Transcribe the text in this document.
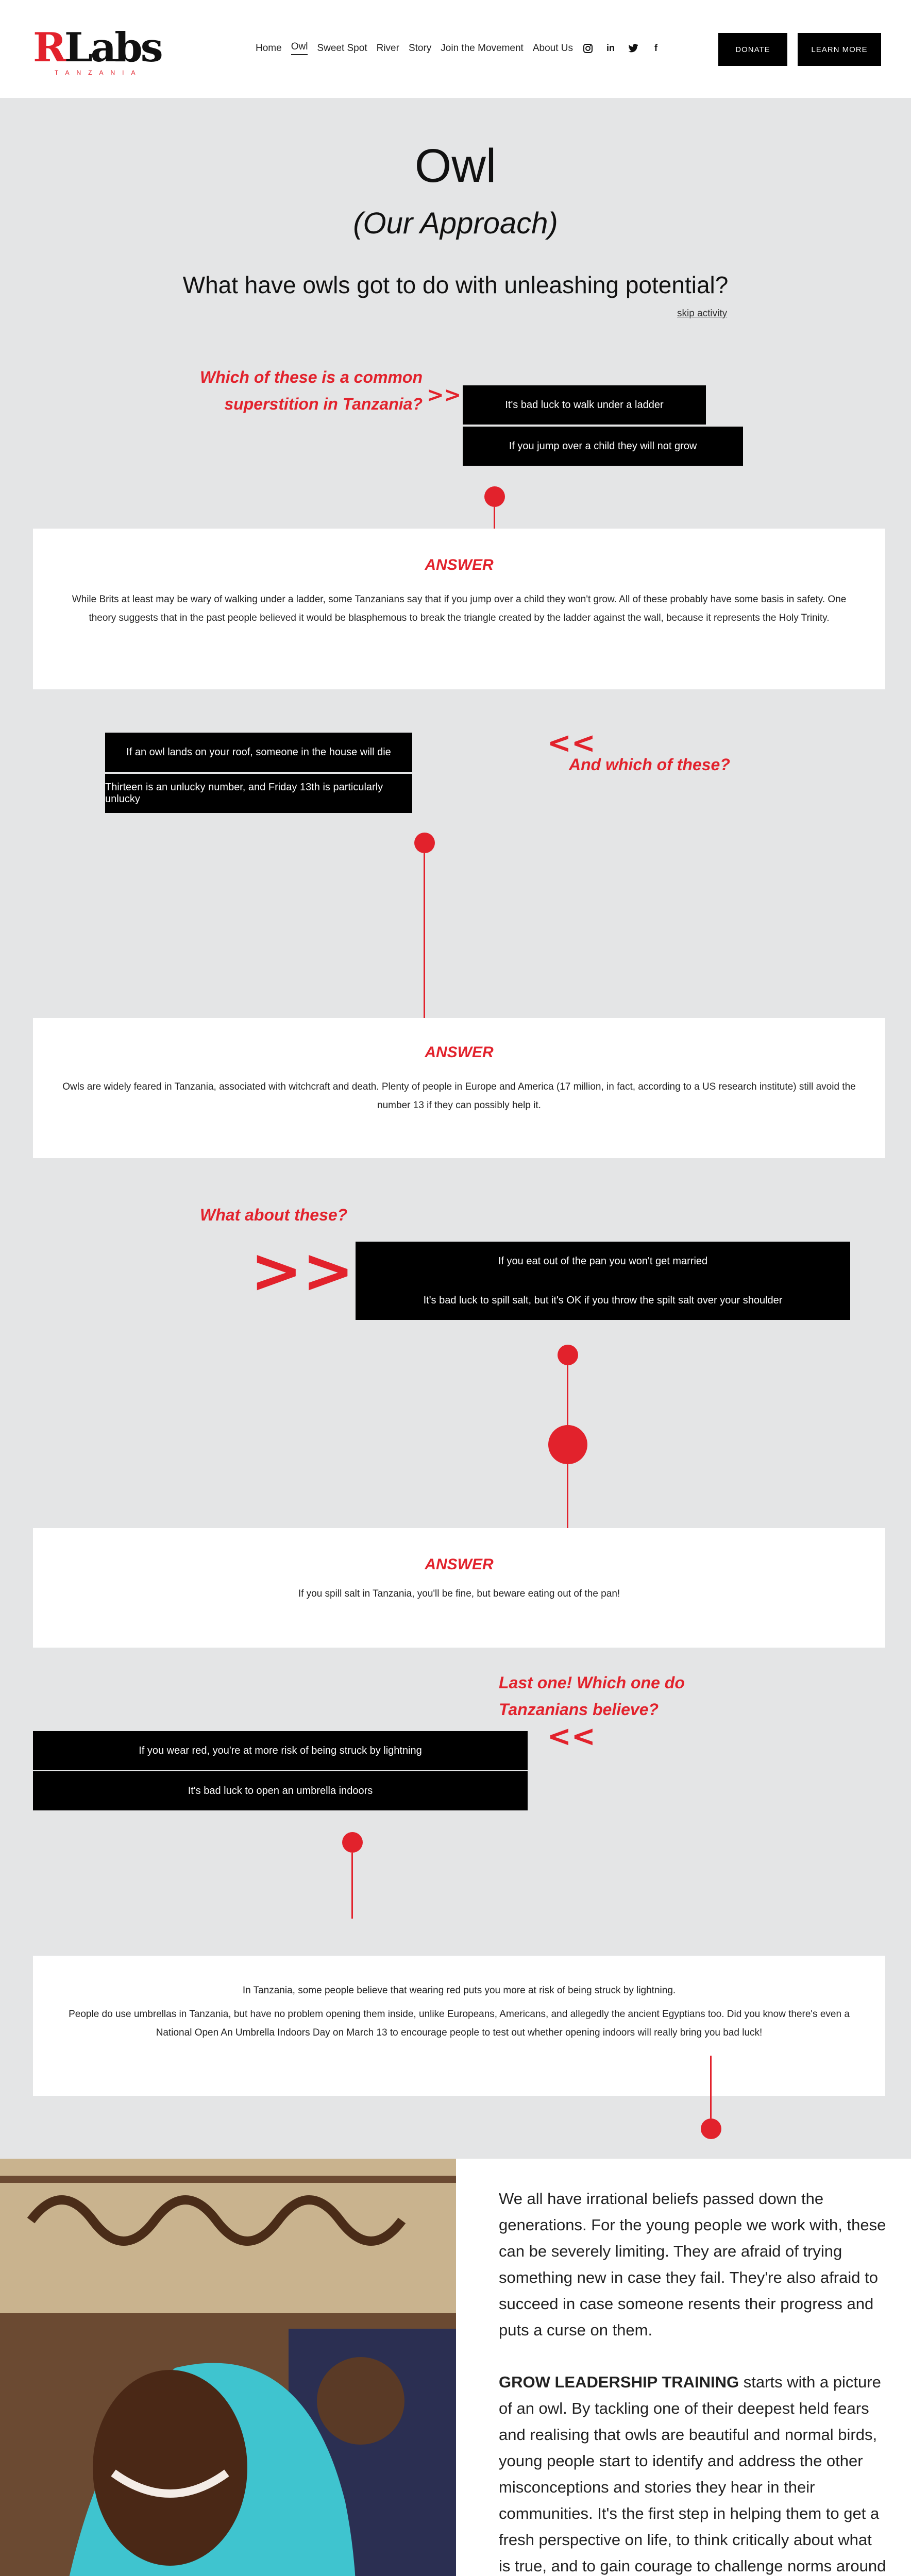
RLabs
TANZANIA
Home Owl Sweet Spot River Story Join the Movement About Us	in	f	DONATE	LEARN MORE
Owl
(Our Approach)
What have owls got to do with unleashing potential?
skip activity
Which of these is a common superstition in Tanzania? >>	It's bad luck to walk under a ladder
If you jump over a child they will not grow
ANSWER
While Brits at least may be wary of walking under a ladder, some Tanzanians say that if you jump over a child they won't grow. All of these probably have some basis in safety. One theory suggests that in the past people believed it would be blasphemous to break the triangle created by the ladder against the wall, because it represents the Holy Trinity.
If an owl lands on your roof, someone in the house will die
Thirteen is an unlucky number, and Friday 13th is particularly unlucky
<<
And which of these?
ANSWER
Owls are widely feared in Tanzania, associated with witchcraft and death. Plenty of people in Europe and America (17 million, in fact, according to a US research institute) still avoid the number 13 if they can possibly help it.
What about these?
>>	If you eat out of the pan you won't get married
It's bad luck to spill salt, but it's OK if you throw the spilt salt over your shoulder
ANSWER
If you spill salt in Tanzania, you'll be fine, but beware eating out of the pan!
Last one! Which one do Tanzanians believe?
If you wear red, you're at more risk of being struck by lightning
It's bad luck to open an umbrella indoors
<<
In Tanzania, some people believe that wearing red puts you more at risk of being struck by lightning.
People do use umbrellas in Tanzania, but have no problem opening them inside, unlike Europeans, Americans, and allegedly the ancient Egyptians too. Did you know there's even a National Open An Umbrella Indoors Day on March 13 to encourage people to test out whether opening indoors will really bring you bad luck!

We all have irrational beliefs passed down the generations. For the young people we work with, these can be severely limiting. They are afraid of trying something new in case they fail. They're also afraid to succeed in case someone resents their progress and puts a curse on them.

GROW LEADERSHIP TRAINING starts with a picture of an owl. By tackling one of their deepest held fears and realising that owls are beautiful and normal birds, young people start to identify and address the other misconceptions and stories they hear in their communities. It's the first step in helping them to get a fresh perspective on life, to think critically about what is true, and to gain courage to challenge norms around
